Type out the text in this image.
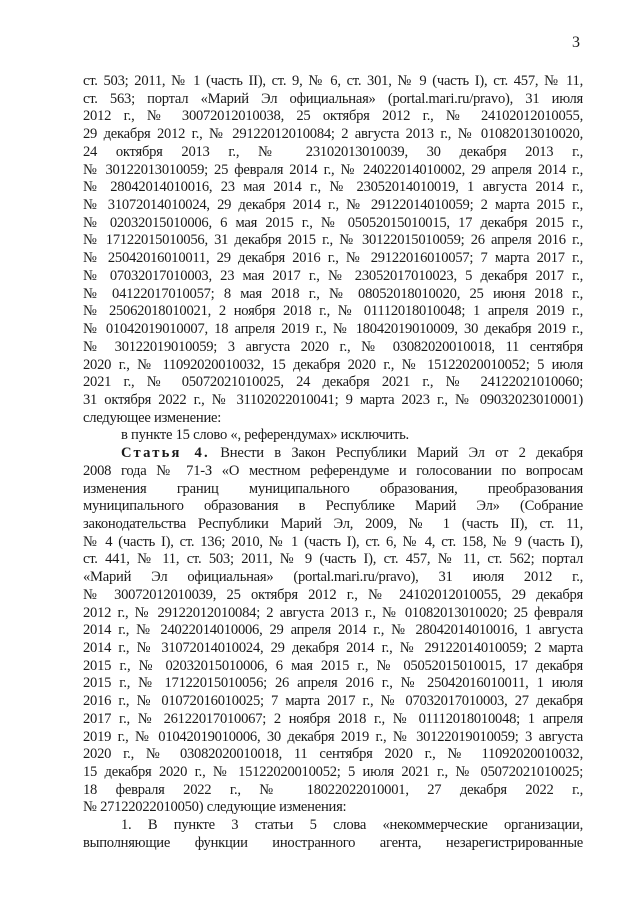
3
ст. 503; 2011, № 1 (часть II), ст. 9, № 6, ст. 301, № 9 (часть I), ст. 457, № 11,
ст. 563; портал «Марий Эл официальная» (portal.mari.ru/pravo), 31 июля
2012 г., № 30072012010038, 25 октября 2012 г., № 24102012010055,
29 декабря 2012 г., № 29122012010084; 2 августа 2013 г., № 01082013010020,
24 октября 2013 г., № 23102013010039, 30 декабря 2013 г.,
№ 30122013010059; 25 февраля 2014 г., № 24022014010002, 29 апреля 2014 г.,
№ 28042014010016, 23 мая 2014 г., № 23052014010019, 1 августа 2014 г.,
№ 31072014010024, 29 декабря 2014 г., № 29122014010059; 2 марта 2015 г.,
№ 02032015010006, 6 мая 2015 г., № 05052015010015, 17 декабря 2015 г.,
№ 17122015010056, 31 декабря 2015 г., № 30122015010059; 26 апреля 2016 г.,
№ 25042016010011, 29 декабря 2016 г., № 29122016010057; 7 марта 2017 г.,
№ 07032017010003, 23 мая 2017 г., № 23052017010023, 5 декабря 2017 г.,
№ 04122017010057; 8 мая 2018 г., № 08052018010020, 25 июня 2018 г.,
№ 25062018010021, 2 ноября 2018 г., № 01112018010048; 1 апреля 2019 г.,
№ 01042019010007, 18 апреля 2019 г., № 18042019010009, 30 декабря 2019 г.,
№ 30122019010059; 3 августа 2020 г., № 03082020010018, 11 сентября
2020 г., № 11092020010032, 15 декабря 2020 г., № 15122020010052; 5 июля
2021 г., № 05072021010025, 24 декабря 2021 г., № 24122021010060;
31 октября 2022 г., № 31102022010041; 9 марта 2023 г., № 09032023010001)
следующее изменение:
в пункте 15 слово «, референдумах» исключить.
Статья 4. Внести в Закон Республики Марий Эл от 2 декабря
2008 года № 71-З «О местном референдуме и голосовании по вопросам
изменения границ муниципального образования, преобразования
муниципального образования в Республике Марий Эл» (Собрание
законодательства Республики Марий Эл, 2009, № 1 (часть II), ст. 11,
№ 4 (часть I), ст. 136; 2010, № 1 (часть I), ст. 6, № 4, ст. 158, № 9 (часть I),
ст. 441, № 11, ст. 503; 2011, № 9 (часть I), ст. 457, № 11, ст. 562; портал
«Марий Эл официальная» (portal.mari.ru/pravo), 31 июля 2012 г.,
№ 30072012010039, 25 октября 2012 г., № 24102012010055, 29 декабря
2012 г., № 29122012010084; 2 августа 2013 г., № 01082013010020; 25 февраля
2014 г., № 24022014010006, 29 апреля 2014 г., № 28042014010016, 1 августа
2014 г., № 31072014010024, 29 декабря 2014 г., № 29122014010059; 2 марта
2015 г., № 02032015010006, 6 мая 2015 г., № 05052015010015, 17 декабря
2015 г., № 17122015010056; 26 апреля 2016 г., № 25042016010011, 1 июля
2016 г., № 01072016010025; 7 марта 2017 г., № 07032017010003, 27 декабря
2017 г., № 26122017010067; 2 ноября 2018 г., № 01112018010048; 1 апреля
2019 г., № 01042019010006, 30 декабря 2019 г., № 30122019010059; 3 августа
2020 г., № 03082020010018, 11 сентября 2020 г., № 11092020010032,
15 декабря 2020 г., № 15122020010052; 5 июля 2021 г., № 05072021010025;
18 февраля 2022 г., № 18022022010001, 27 декабря 2022 г.,
№ 27122022010050) следующие изменения:
1. В пункте 3 статьи 5 слова «некоммерческие организации,
выполняющие функции иностранного агента, незарегистрированные
